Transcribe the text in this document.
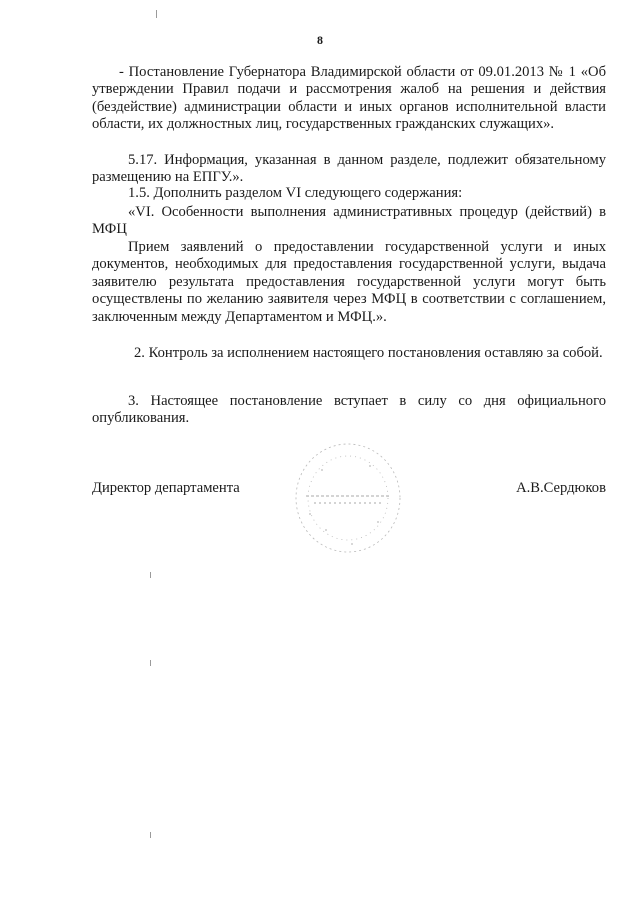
8

- Постановление Губернатора Владимирской области от 09.01.2013 № 1 «Об утверждении Правил подачи и рассмотрения жалоб на решения и действия (бездействие) администрации области и иных органов исполнительной власти области, их должностных лиц, государственных гражданских служащих».

5.17. Информация, указанная в данном разделе, подлежит обязательному размещению на ЕПГУ.».

1.5. Дополнить разделом VI следующего содержания:

«VI. Особенности выполнения административных процедур (действий) в МФЦ

Прием заявлений о предоставлении государственной услуги и иных документов, необходимых для предоставления государственной услуги, выдача заявителю результата предоставления государственной услуги могут быть осуществлены по желанию заявителя через МФЦ в соответствии с соглашением, заключенным между Департаментом и МФЦ.».

2. Контроль за исполнением настоящего постановления оставляю за собой.

3. Настоящее постановление вступает в силу со дня официального опубликования.

Директор департамента	А.В.Сердюков
